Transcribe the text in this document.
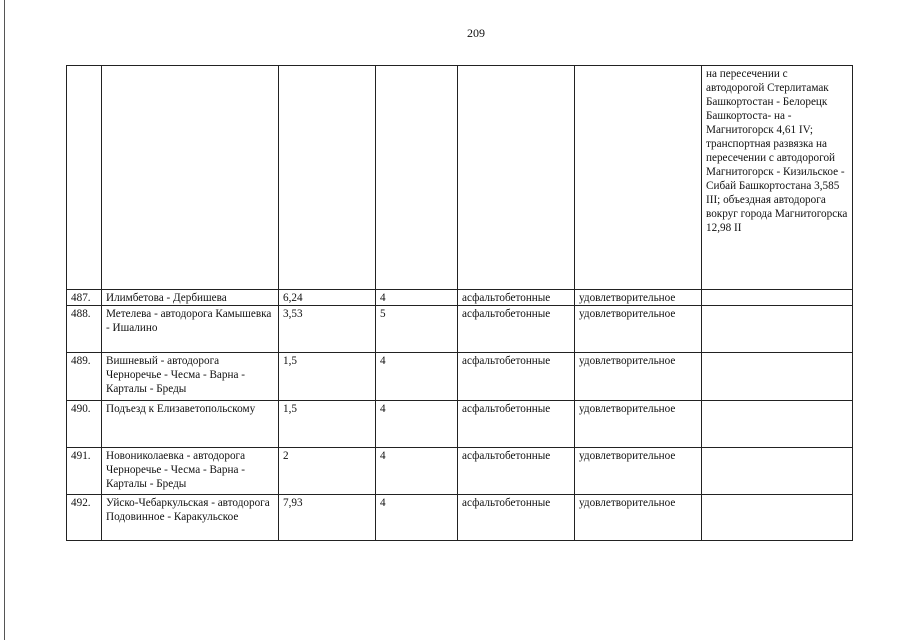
209
						на пересечении с автодорогой Стерлитамак Башкортостан - Белорецк Башкортоста- на - Магнитогорск 4,61 IV; транспортная развязка на пересечении с автодорогой Магнитогорск - Кизильское - Сибай Башкортостана 3,585 III; объездная автодорога вокруг города Магнитогорска 12,98 II
487.	Илимбетова - Дербишева	6,24	4	асфальтобетонные	удовлетворительное	
488.	Метелева - автодорога Камышевка - Ишалино	3,53	5	асфальтобетонные	удовлетворительное	
489.	Вишневый - автодорога Черноречье - Чесма - Варна - Карталы - Бреды	1,5	4	асфальтобетонные	удовлетворительное	
490.	Подъезд к Елизаветопольскому	1,5	4	асфальтобетонные	удовлетворительное	
491.	Новониколаевка - автодорога Черноречье - Чесма - Варна - Карталы - Бреды	2	4	асфальтобетонные	удовлетворительное	
492.	Уйско-Чебаркульская - автодорога Подовинное - Каракульское	7,93	4	асфальтобетонные	удовлетворительное	
